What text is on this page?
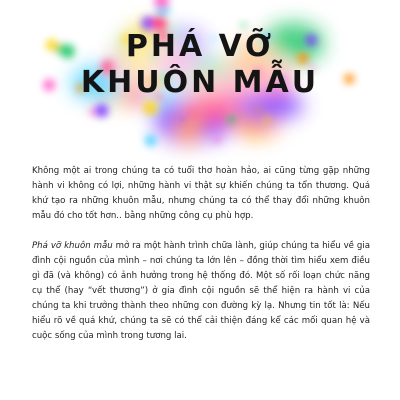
PHÁ VỠ
KHUÔN MẪU

Không một ai trong chúng ta có tuổi thơ hoàn hảo, ai cũng từng gặp những hành vi không có lợi, những hành vi thật sự khiến chúng ta tổn thương. Quá khứ tạo ra những khuôn mẫu, nhưng chúng ta có thể thay đổi những khuôn mẫu đó cho tốt hơn.. bằng những công cụ phù hợp.

Phá vỡ khuôn mẫu mở ra một hành trình chữa lành, giúp chúng ta hiểu về gia đình cội nguồn của mình – nơi chúng ta lớn lên – đồng thời tìm hiểu xem điều gì đã (và không) có ảnh hưởng trong hệ thống đó. Một số rối loạn chức năng cụ thể (hay “vết thương”) ở gia đình cội nguồn sẽ thể hiện ra hành vi của chúng ta khi trưởng thành theo những con đường kỳ lạ. Nhưng tin tốt là: Nếu hiểu rõ về quá khứ, chúng ta sẽ có thể cải thiện đáng kể các mối quan hệ và cuộc sống của mình trong tương lai.
